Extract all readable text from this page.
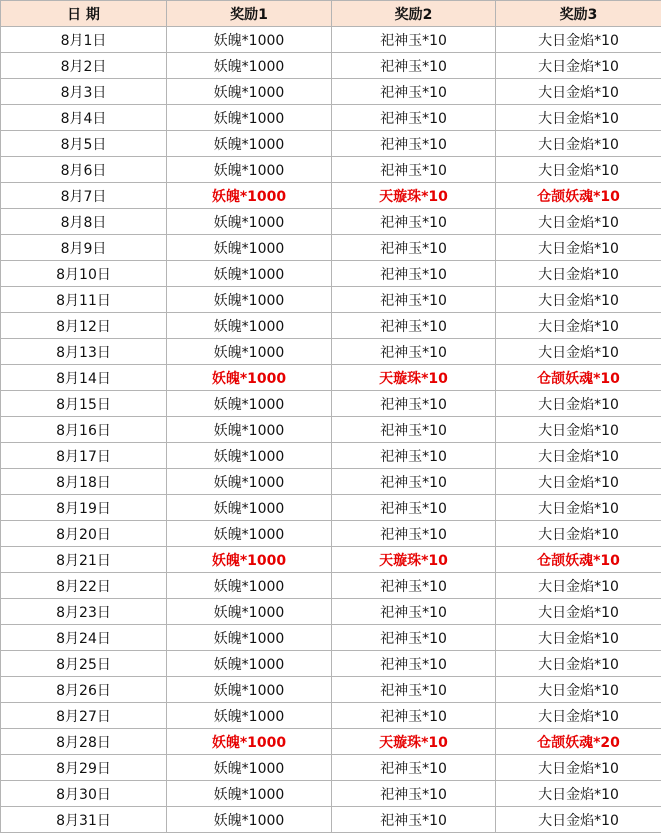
日 期	奖励1	奖励2	奖励3
8月1日	妖魄*1000	祀神玉*10	大日金焰*10
8月2日	妖魄*1000	祀神玉*10	大日金焰*10
8月3日	妖魄*1000	祀神玉*10	大日金焰*10
8月4日	妖魄*1000	祀神玉*10	大日金焰*10
8月5日	妖魄*1000	祀神玉*10	大日金焰*10
8月6日	妖魄*1000	祀神玉*10	大日金焰*10
8月7日	妖魄*1000	天璇珠*10	仓颉妖魂*10
8月8日	妖魄*1000	祀神玉*10	大日金焰*10
8月9日	妖魄*1000	祀神玉*10	大日金焰*10
8月10日	妖魄*1000	祀神玉*10	大日金焰*10
8月11日	妖魄*1000	祀神玉*10	大日金焰*10
8月12日	妖魄*1000	祀神玉*10	大日金焰*10
8月13日	妖魄*1000	祀神玉*10	大日金焰*10
8月14日	妖魄*1000	天璇珠*10	仓颉妖魂*10
8月15日	妖魄*1000	祀神玉*10	大日金焰*10
8月16日	妖魄*1000	祀神玉*10	大日金焰*10
8月17日	妖魄*1000	祀神玉*10	大日金焰*10
8月18日	妖魄*1000	祀神玉*10	大日金焰*10
8月19日	妖魄*1000	祀神玉*10	大日金焰*10
8月20日	妖魄*1000	祀神玉*10	大日金焰*10
8月21日	妖魄*1000	天璇珠*10	仓颉妖魂*10
8月22日	妖魄*1000	祀神玉*10	大日金焰*10
8月23日	妖魄*1000	祀神玉*10	大日金焰*10
8月24日	妖魄*1000	祀神玉*10	大日金焰*10
8月25日	妖魄*1000	祀神玉*10	大日金焰*10
8月26日	妖魄*1000	祀神玉*10	大日金焰*10
8月27日	妖魄*1000	祀神玉*10	大日金焰*10
8月28日	妖魄*1000	天璇珠*10	仓颉妖魂*20
8月29日	妖魄*1000	祀神玉*10	大日金焰*10
8月30日	妖魄*1000	祀神玉*10	大日金焰*10
8月31日	妖魄*1000	祀神玉*10	大日金焰*10
